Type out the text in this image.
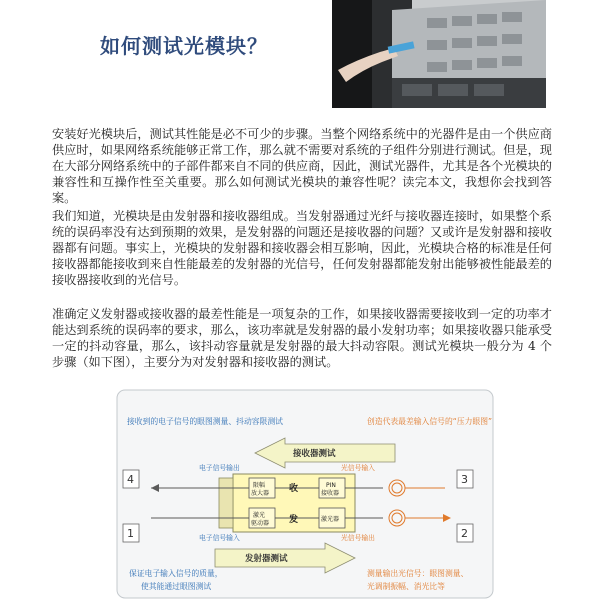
如何测试光模块？

安装好光模块后，测试其性能是必不可少的步骤。当整个网络系统中的光器件是由一个供应商供应时，如果网络系统能够正常工作，那么就不需要对系统的子组件分别进行测试。但是，现在大部分网络系统中的子部件都来自不同的供应商，因此，测试光器件，尤其是各个光模块的兼容性和互操作性至关重要。那么如何测试光模块的兼容性呢？读完本文，我想你会找到答案。

我们知道，光模块是由发射器和接收器组成。当发射器通过光纤与接收器连接时，如果整个系统的误码率没有达到预期的效果，是发射器的问题还是接收器的问题？又或许是发射器和接收器都有问题。事实上，光模块的发射器和接收器会相互影响，因此，光模块合格的标准是任何接收器都能接收到来自性能最差的发射器的光信号，任何发射器都能发射出能够被性能最差的接收器接收到的光信号。

准确定义发射器或接收器的最差性能是一项复杂的工作，如果接收器需要接收到一定的功率才能达到系统的误码率的要求，那么，该功率就是发射器的最小发射功率；如果接收器只能承受一定的抖动容量，那么，该抖动容量就是发射器的最大抖动容限。测试光模块一般分为 4 个步骤（如下图），主要分为对发射器和接收器的测试。

接收到的电子信号的眼图测量、抖动容限测试	创造代表最差输入信号的“压力眼图”
接收器测试
4	3
电子信号输出	光信号输入
限幅
放大器 收	PIN
接收器
激光
驱动器 发	激光器
电子信号输入	光信号输出
1	2
发射器测试
保证电子输入信号的质量，
使其能通过眼图测试
测量输出光信号：眼图测量、
光调制振幅、消光比等
